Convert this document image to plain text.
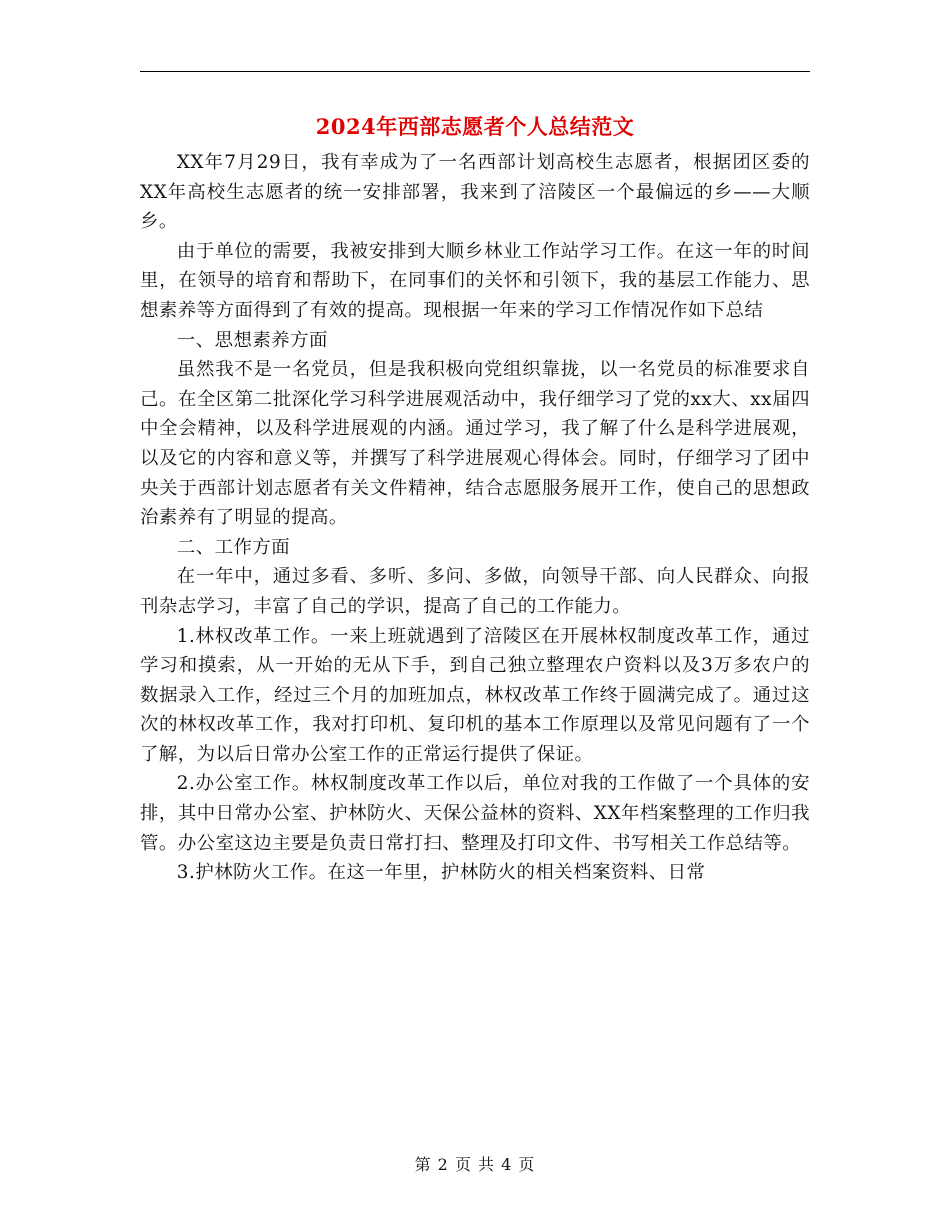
2024年西部志愿者个人总结范文

XX年7月29日，我有幸成为了一名西部计划高校生志愿者，根据团区委的XX年高校生志愿者的统一安排部署，我来到了涪陵区一个最偏远的乡——大顺乡。

由于单位的需要，我被安排到大顺乡林业工作站学习工作。在这一年的时间里，在领导的培育和帮助下，在同事们的关怀和引领下，我的基层工作能力、思想素养等方面得到了有效的提高。现根据一年来的学习工作情况作如下总结

一、思想素养方面

虽然我不是一名党员，但是我积极向党组织靠拢，以一名党员的标准要求自己。在全区第二批深化学习科学进展观活动中，我仔细学习了党的xx大、xx届四中全会精神，以及科学进展观的内涵。通过学习，我了解了什么是科学进展观，以及它的内容和意义等，并撰写了科学进展观心得体会。同时，仔细学习了团中央关于西部计划志愿者有关文件精神，结合志愿服务展开工作，使自己的思想政治素养有了明显的提高。

二、工作方面

在一年中，通过多看、多听、多问、多做，向领导干部、向人民群众、向报刊杂志学习，丰富了自己的学识，提高了自己的工作能力。

1.林权改革工作。一来上班就遇到了涪陵区在开展林权制度改革工作，通过学习和摸索，从一开始的无从下手，到自己独立整理农户资料以及3万多农户的数据录入工作，经过三个月的加班加点，林权改革工作终于圆满完成了。通过这次的林权改革工作，我对打印机、复印机的基本工作原理以及常见问题有了一个了解，为以后日常办公室工作的正常运行提供了保证。

2.办公室工作。林权制度改革工作以后，单位对我的工作做了一个具体的安排，其中日常办公室、护林防火、天保公益林的资料、XX年档案整理的工作归我管。办公室这边主要是负责日常打扫、整理及打印文件、书写相关工作总结等。

3.护林防火工作。在这一年里，护林防火的相关档案资料、日常

第 2 页 共 4 页
